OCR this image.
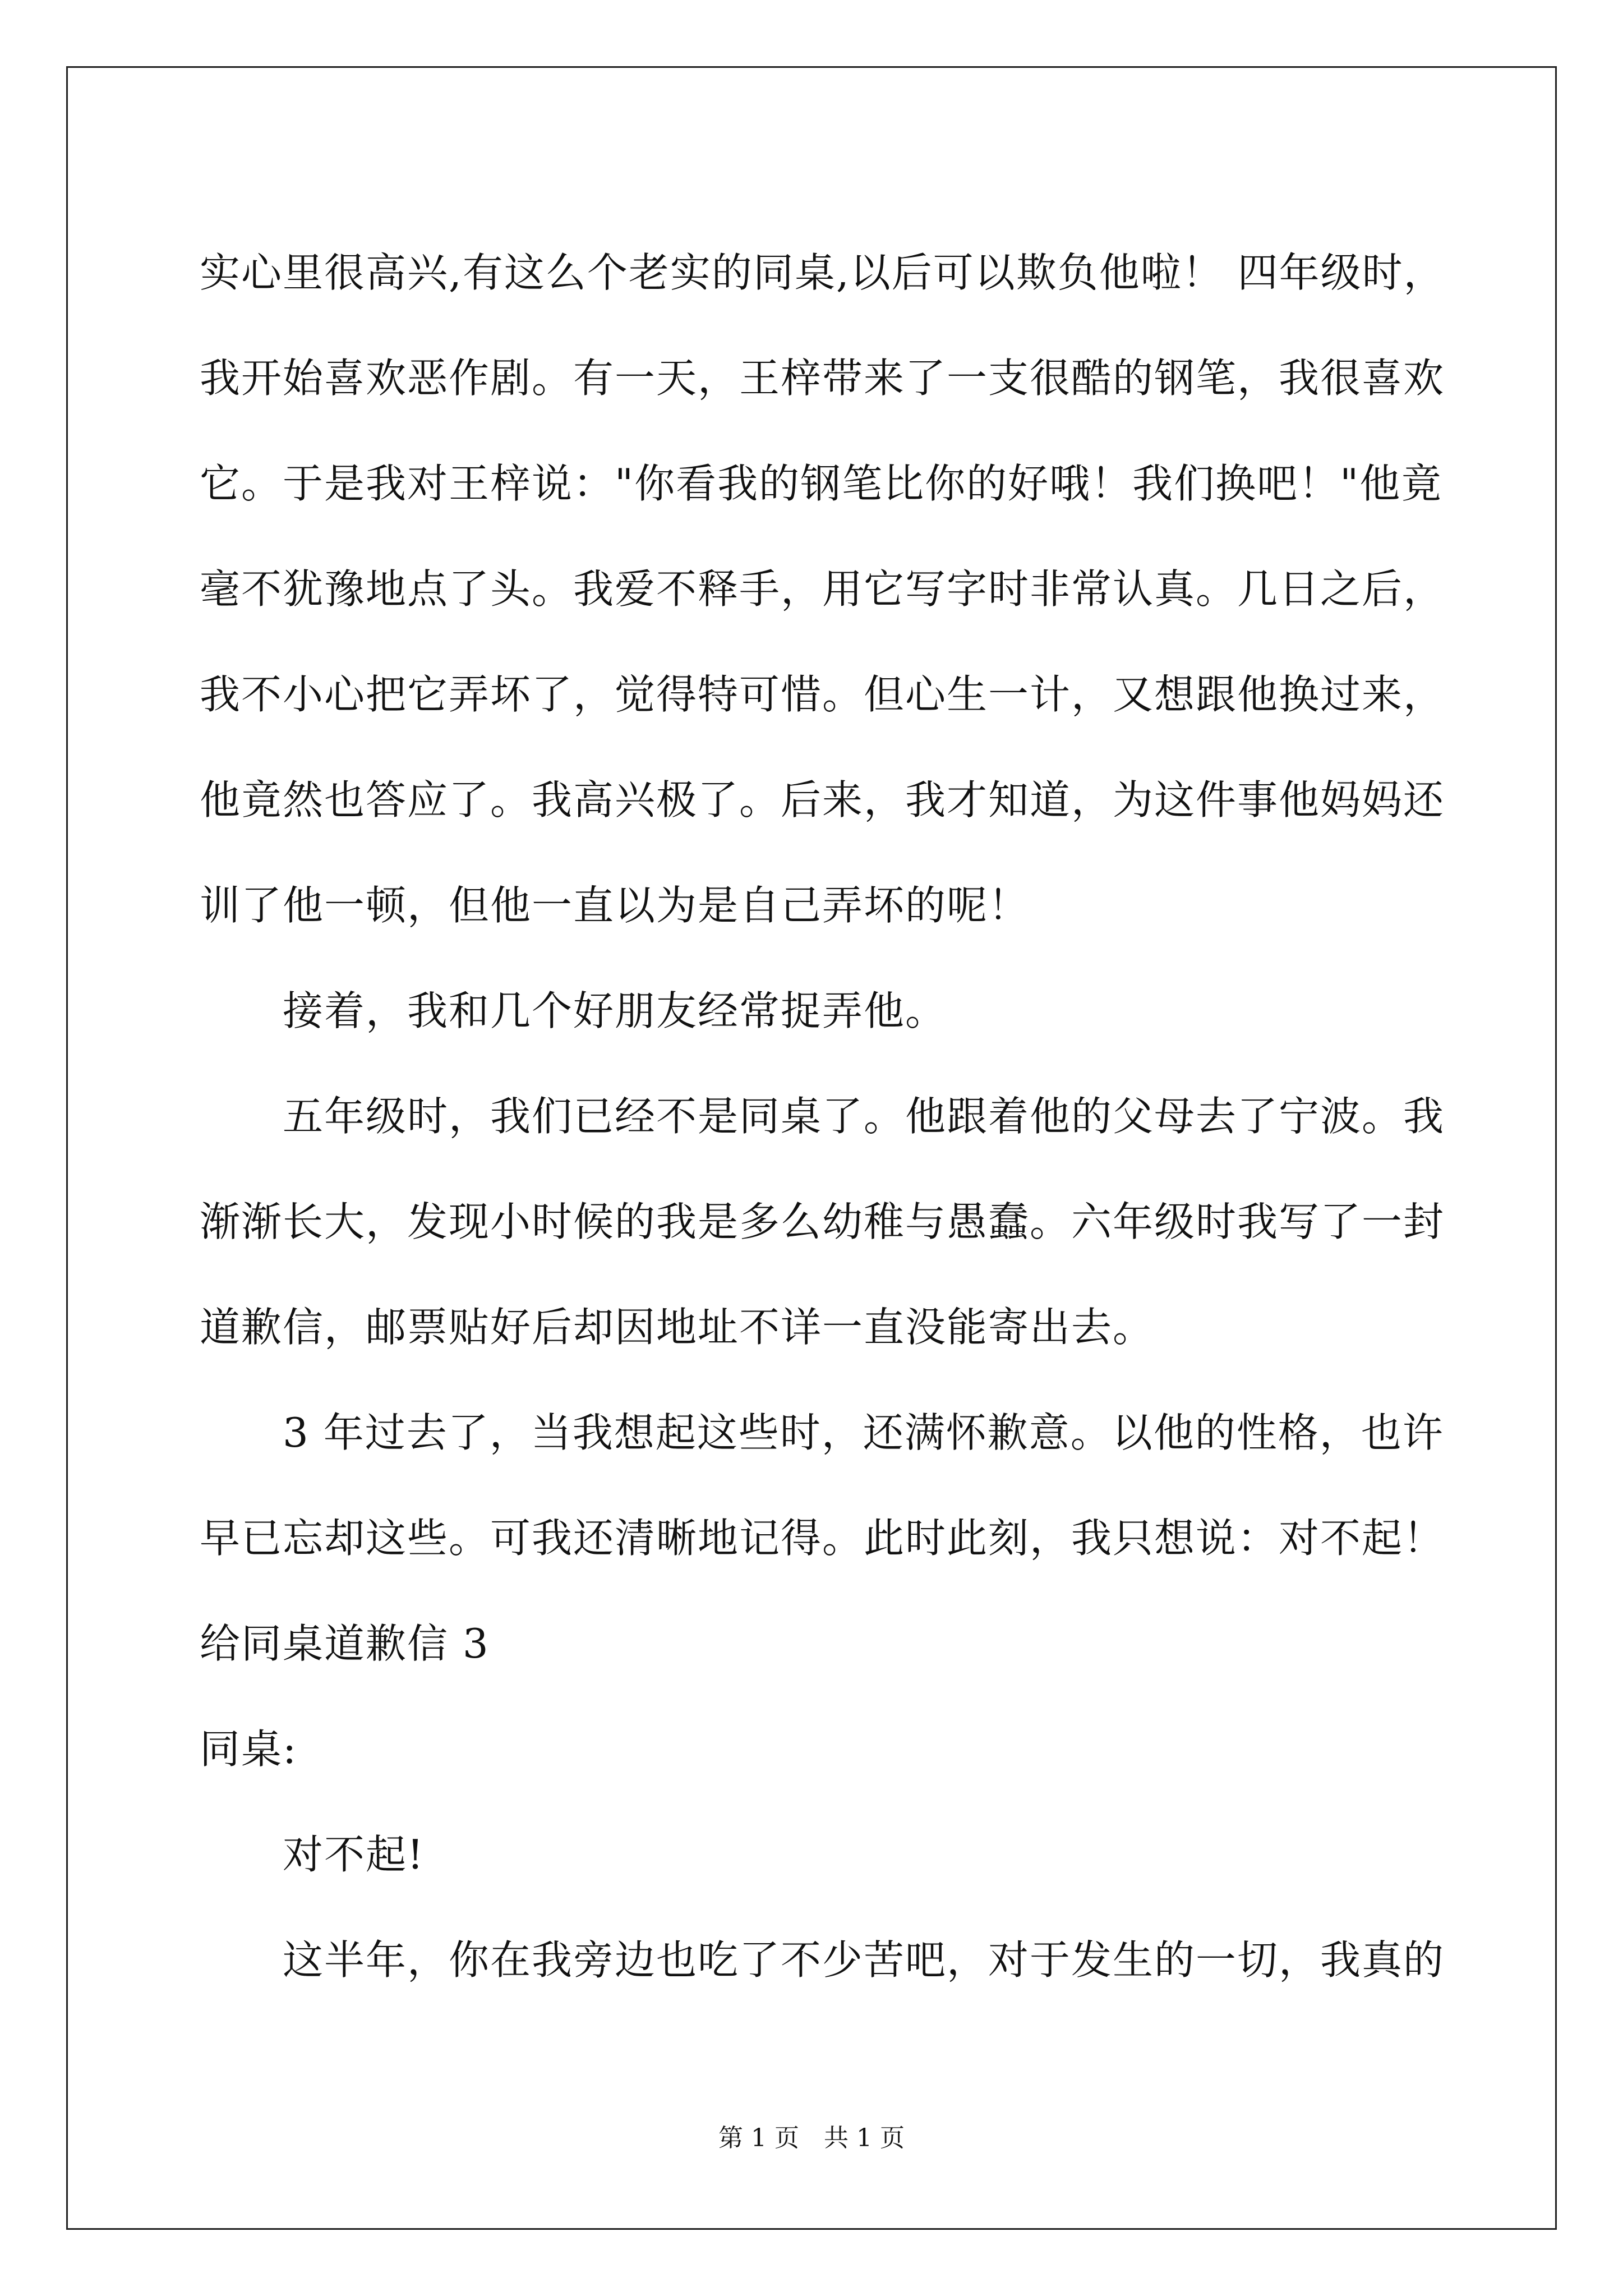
实心里很高兴,有这么个老实的同桌,以后可以欺负他啦！ 四年级时，
我开始喜欢恶作剧。有一天，王梓带来了一支很酷的钢笔，我很喜欢
它。于是我对王梓说："你看我的钢笔比你的好哦！我们换吧！"他竟
毫不犹豫地点了头。我爱不释手，用它写字时非常认真。几日之后，
我不小心把它弄坏了，觉得特可惜。但心生一计，又想跟他换过来，
他竟然也答应了。我高兴极了。后来，我才知道，为这件事他妈妈还
训了他一顿，但他一直以为是自己弄坏的呢！
接着，我和几个好朋友经常捉弄他。
五年级时，我们已经不是同桌了。他跟着他的父母去了宁波。我
渐渐长大，发现小时候的我是多么幼稚与愚蠢。六年级时我写了一封
道歉信，邮票贴好后却因地址不详一直没能寄出去。
3 年过去了，当我想起这些时，还满怀歉意。以他的性格，也许
早已忘却这些。可我还清晰地记得。此时此刻，我只想说：对不起！
给同桌道歉信 3
同桌:
对不起!
这半年，你在我旁边也吃了不少苦吧，对于发生的一切，我真的
第 1 页 共 1 页
